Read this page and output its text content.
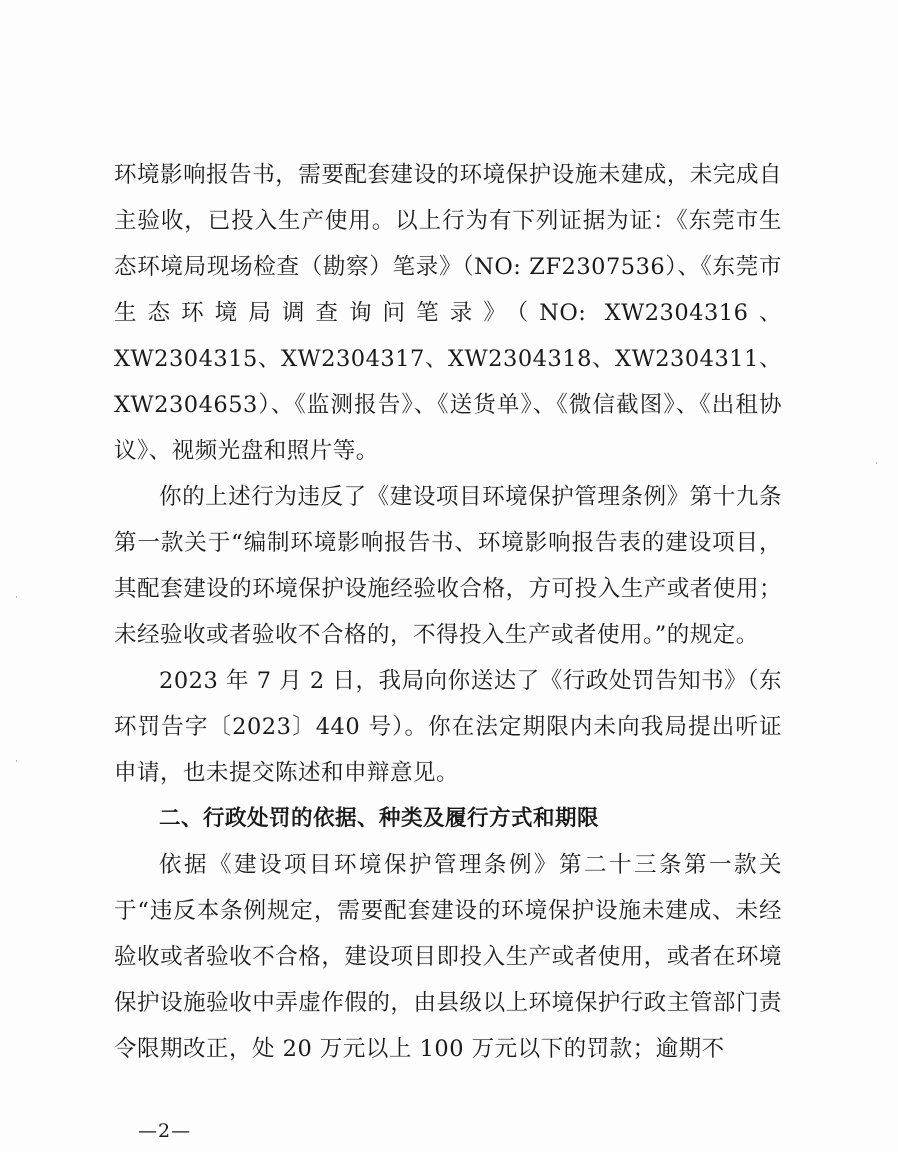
环境影响报告书，需要配套建设的环境保护设施未建成，未完成自主验收，已投入生产使用。以上行为有下列证据为证：《东莞市生态环境局现场检查（勘察）笔录》（NO: ZF2307536）、《东莞市生态环境局调查询问笔录》（NO: XW2304316、XW2304315、XW2304317、XW2304318、XW2304311、XW2304653）、《监测报告》、《送货单》、《微信截图》、《出租协议》、视频光盘和照片等。

你的上述行为违反了《建设项目环境保护管理条例》第十九条第一款关于“编制环境影响报告书、环境影响报告表的建设项目，其配套建设的环境保护设施经验收合格，方可投入生产或者使用；未经验收或者验收不合格的，不得投入生产或者使用。”的规定。

2023 年 7 月 2 日，我局向你送达了《行政处罚告知书》（东环罚告字〔2023〕440 号）。你在法定期限内未向我局提出听证申请，也未提交陈述和申辩意见。

二、行政处罚的依据、种类及履行方式和期限

依据《建设项目环境保护管理条例》第二十三条第一款关于“违反本条例规定，需要配套建设的环境保护设施未建成、未经验收或者验收不合格，建设项目即投入生产或者使用，或者在环境保护设施验收中弄虚作假的，由县级以上环境保护行政主管部门责令限期改正，处 20 万元以上 100 万元以下的罚款；逾期不

—2—
